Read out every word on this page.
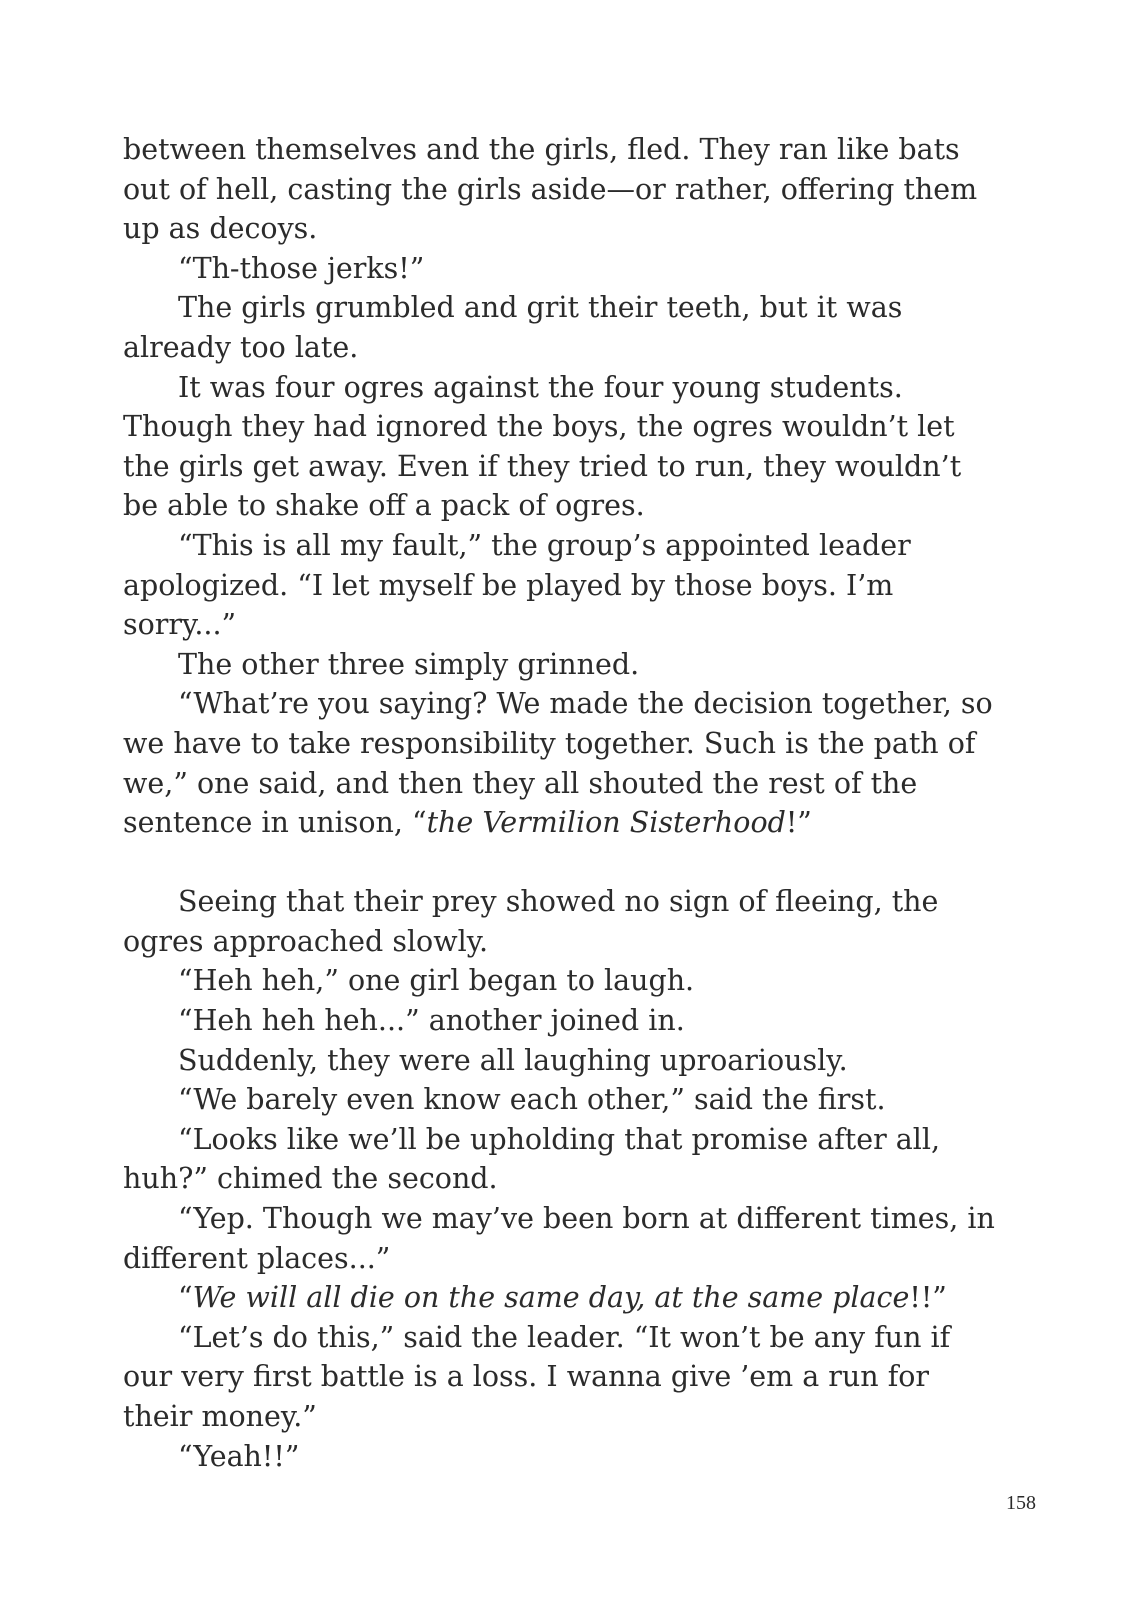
between themselves and the girls, fled. They ran like bats out of hell, casting the girls aside—or rather, offering them up as decoys.

“Th-those jerks!”

The girls grumbled and grit their teeth, but it was already too late.

It was four ogres against the four young students. Though they had ignored the boys, the ogres wouldn’t let the girls get away. Even if they tried to run, they wouldn’t be able to shake off a pack of ogres.

“This is all my fault,” the group’s appointed leader apologized. “I let myself be played by those boys. I’m sorry...”

The other three simply grinned.

“What’re you saying? We made the decision together, so we have to take responsibility together. Such is the path of we,” one said, and then they all shouted the rest of the sentence in unison, “the Vermilion Sisterhood!”

Seeing that their prey showed no sign of fleeing, the ogres approached slowly.

“Heh heh,” one girl began to laugh.

“Heh heh heh...” another joined in.

Suddenly, they were all laughing uproariously.

“We barely even know each other,” said the first.

“Looks like we’ll be upholding that promise after all, huh?” chimed the second.

“Yep. Though we may’ve been born at different times, in different places...”

“We will all die on the same day, at the same place!!”

“Let’s do this,” said the leader. “It won’t be any fun if our very first battle is a loss. I wanna give ’em a run for their money.”

“Yeah!!”

158
